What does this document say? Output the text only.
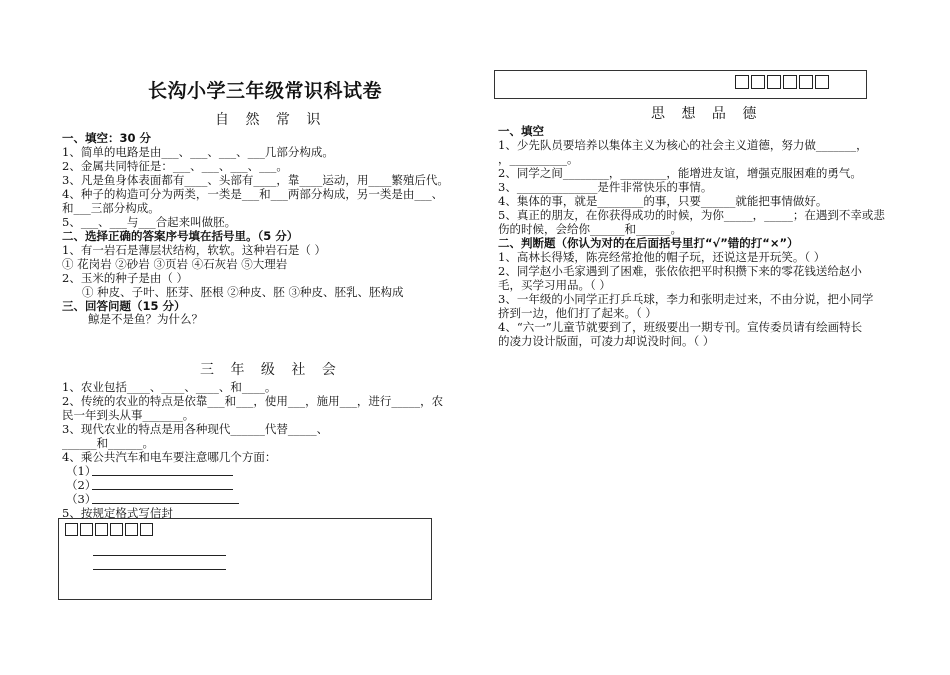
长沟小学三年级常识科试卷
自 然 常 识
一、填空：30 分
1、简单的电路是由___、___、___、___几部分构成。
2、金属共同特征是：___、___、___、___。
3、凡是鱼身体表面都有____、头部有____，靠____运动，用____繁殖后代。
4、种子的构造可分为两类，一类是___和___两部分构成，另一类是由___、
和___三部分构成。
5、___、___与___合起来叫做胚。
二、选择正确的答案序号填在括号里。（5 分）
1、有一岩石是薄层状结构，软软。这种岩石是（ ）
① 花岗岩 ②砂岩 ③页岩 ④石灰岩 ⑤大理岩
2、玉米的种子是由（ ）
① 种皮、子叶、胚芽、胚根 ②种皮、胚 ③种皮、胚乳、胚构成
三、回答问题（15 分）
鲸是不是鱼？为什么？
三 年 级 社 会
1、农业包括____、____、____、和____。
2、传统的农业的特点是依靠___和___，使用___，施用___，进行_____，农
民一年到头从事_______。
3、现代农业的特点是用各种现代______代替_____、
______和______。
4、乘公共汽车和电车要注意哪几个方面：
（1）
（2）
（3）
5、按规定格式写信封
思 想 品 德
一、填空
1、少先队员要培养以集体主义为核心的社会主义道德，努力做_______，
，__________。
2、同学之间________，________，能增进友谊，增强克服困难的勇气。
3、______________是件非常快乐的事情。
4、集体的事，就是________的事，只要______就能把事情做好。
5、真正的朋友，在你获得成功的时候，为你_____，_____；在遇到不幸或悲
伤的时候，会给你______和______。
二、判断题（你认为对的在后面括号里打“√”错的打“×”）
1、高林长得矮，陈亮经常抢他的帽子玩，还说这是开玩笑。（ ）
2、同学赵小毛家遇到了困难，张依依把平时积攒下来的零花钱送给赵小
毛，买学习用品。（ ）
3、一年级的小同学正打乒乓球，李力和张明走过来，不由分说，把小同学
挤到一边，他们打了起来。（ ）
4、“六一”儿童节就要到了，班级要出一期专刊。宣传委员请有绘画特长
的凌力设计版面，可凌力却说没时间。（ ）
